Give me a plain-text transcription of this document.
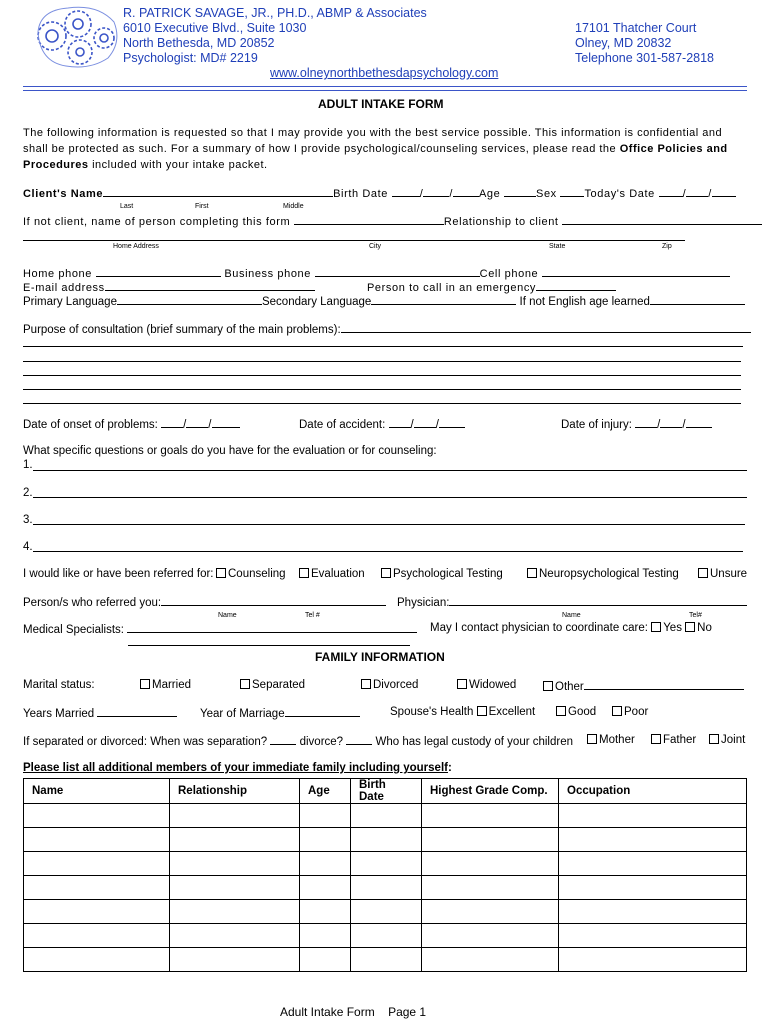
R. PATRICK SAVAGE, JR., PH.D., ABMP & Associates
6010 Executive Blvd., Suite 1030
North Bethesda, MD 20852
Psychologist: MD# 2219
17101 Thatcher Court
Olney, MD 20832
Telephone 301-587-2818
www.olneynorthbethesdapsychology.com
ADULT INTAKE FORM
The following information is requested so that I may provide you with the best service possible. This information is confidential and shall be protected as such. For a summary of how I provide psychological/counseling services, please read the Office Policies and Procedures included with your intake packet.
Client's Name	Birth Date	/ / Age	Sex	Today's Date	/ /
Last	First	Middle
If not client, name of person completing this form	Relationship to client
Home Address	City	State	Zip
Home phone	Business phone	Cell phone
E-mail address	Person to call in an emergency
Primary Language	Secondary Language	If not English age learned
Purpose of consultation (brief summary of the main problems):
Date of onset of problems: / /	Date of accident: / /	Date of injury: / /
What specific questions or goals do you have for the evaluation or for counseling:
1.
2.
3.
4.
I would like or have been referred for:	Counseling	Evaluation	Psychological Testing	Neuropsychological Testing	Unsure
Person/s who referred you:	Physician:
Name	Tel #	Name	Tel#
Medical Specialists:	May I contact physician to coordinate care: Yes No
FAMILY INFORMATION
Marital status:	Married	Separated	Divorced	Widowed	Other
Years Married	Year of Marriage	Spouse's Health Excellent	Good	Poor
If separated or divorced: When was separation?	divorce?	Who has legal custody of your children	Mother	Father	Joint
Please list all additional members of your immediate family including yourself:
Name	Relationship	Age	Birth Date	Highest Grade Comp.	Occupation

Adult Intake Form Page 1
